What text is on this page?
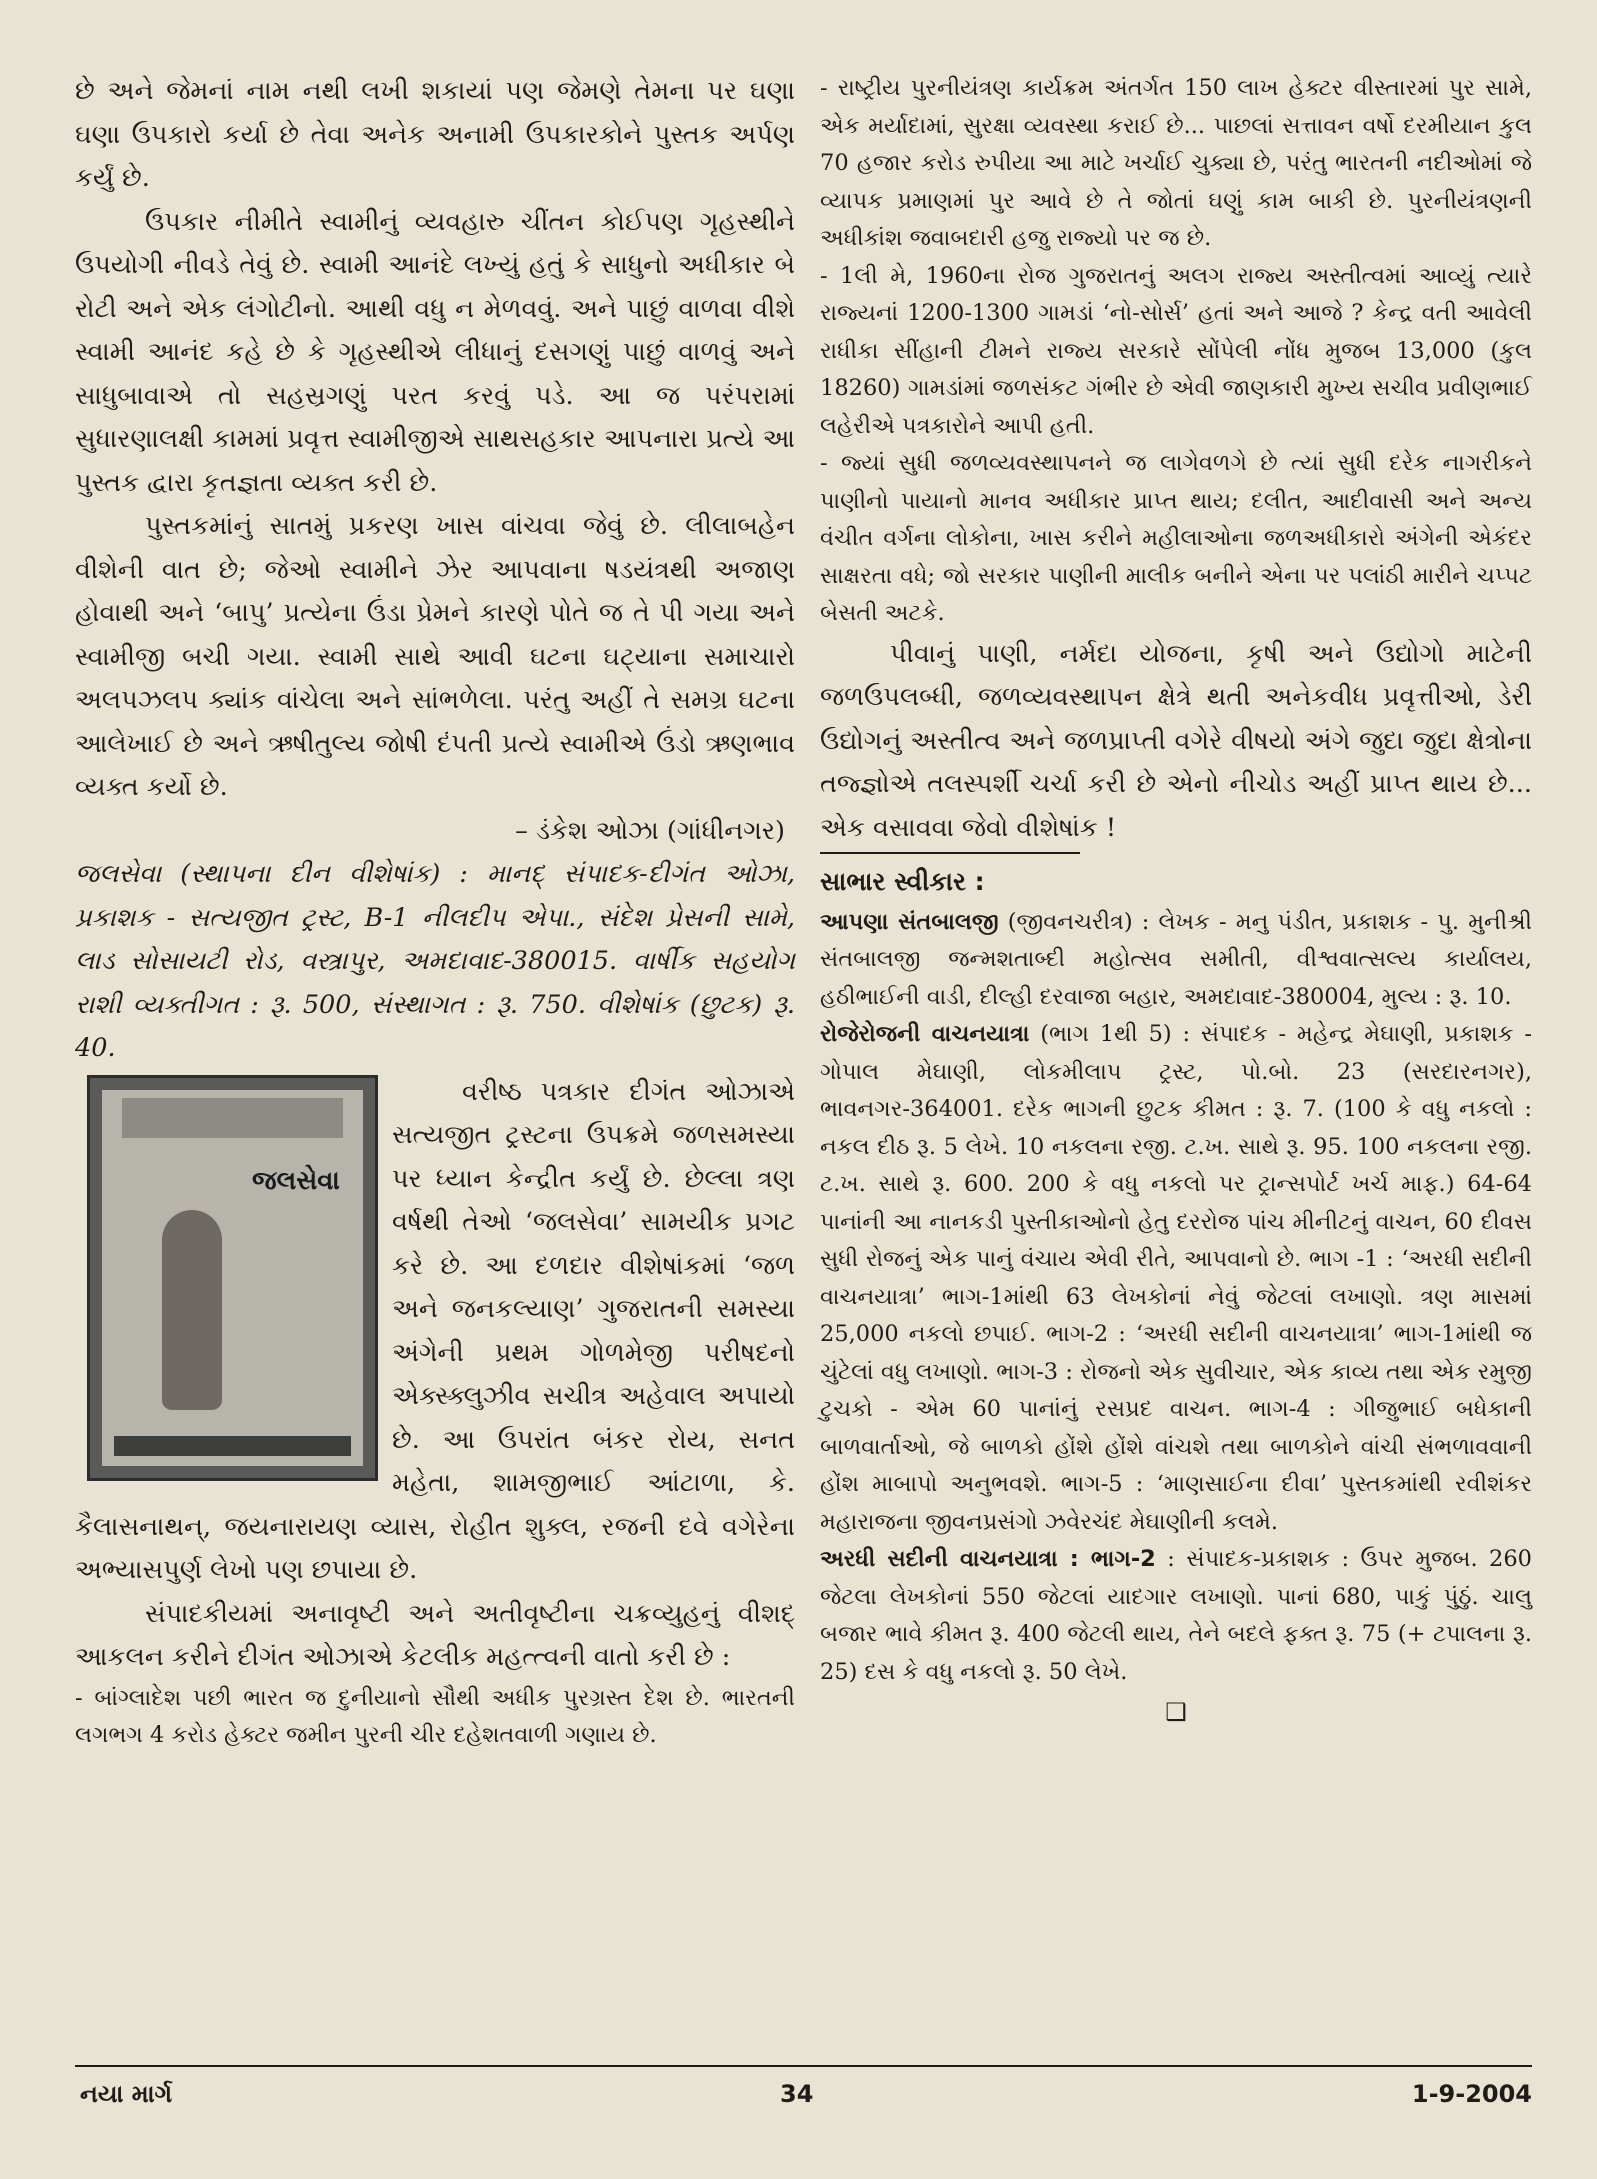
છે અને જેમનાં નામ નથી લખી શકાયાં પણ જેમણે તેમના પર ઘણા ઘણા ઉપકારો કર્યા છે તેવા અનેક અનામી ઉપકારકોને પુસ્તક અર્પણ કર્યું છે.

ઉપકાર નીમીતે સ્વામીનું વ્યવહારુ ચીંતન કોઈપણ ગૃહસ્થીને ઉપયોગી નીવડે તેવું છે. સ્વામી આનંદે લખ્યું હતું કે સાધુનો અધીકાર બે રોટી અને એક લંગોટીનો. આથી વધુ ન મેળવવું. અને પાછું વાળવા વીશે સ્વામી આનંદ કહે છે કે ગૃહસ્થીએ લીધાનું દસગણું પાછું વાળવું અને સાધુબાવાએ તો સહસ્રગણું પરત કરવું પડે. આ જ પરંપરામાં સુધારણાલક્ષી કામમાં પ્રવૃત્ત સ્વામીજીએ સાથસહકાર આપનારા પ્રત્યે આ પુસ્તક દ્વારા કૃતજ્ઞતા વ્યક્ત કરી છે.

પુસ્તકમાંનું સાતમું પ્રકરણ ખાસ વાંચવા જેવું છે. લીલાબહેન વીશેની વાત છે; જેઓ સ્વામીને ઝેર આપવાના ષડયંત્રથી અજાણ હોવાથી અને ‘બાપુ’ પ્રત્યેના ઉંડા પ્રેમને કારણે પોતે જ તે પી ગયા અને સ્વામીજી બચી ગયા. સ્વામી સાથે આવી ઘટના ઘટ્યાના સમાચારો અલપઝલપ ક્યાંક વાંચેલા અને સાંભળેલા. પરંતુ અહીં તે સમગ્ર ઘટના આલેખાઈ છે અને ઋષીતુલ્ય જોષી દંપતી પ્રત્યે સ્વામીએ ઉંડો ઋણભાવ વ્યક્ત કર્યો છે.

– ડંકેશ ઓઝા (ગાંધીનગર)

જલસેવા (સ્થાપના દીન વીશેષાંક) : માનદ્ સંપાદક-દીગંત ઓઝા, પ્રકાશક - સત્યજીત ટ્રસ્ટ, B-1 નીલદીપ એપા., સંદેશ પ્રેસની સામે, લાડ સોસાયટી રોડ, વસ્ત્રાપુર, અમદાવાદ-380015. વાર્ષીક સહયોગ રાશી વ્યક્તીગત : રૂ. 500, સંસ્થાગત : રૂ. 750. વીશેષાંક (છુટક) રૂ. 40.

જલસેવા

વરીષ્ઠ પત્રકાર દીગંત ઓઝાએ સત્યજીત ટ્રસ્ટના ઉપક્રમે જળસમસ્યા પર ધ્યાન કેન્દ્રીત કર્યું છે. છેલ્લા ત્રણ વર્ષથી તેઓ ‘જલસેવા’ સામયીક પ્રગટ કરે છે. આ દળદાર વીશેષાંકમાં ‘જળ અને જનકલ્યાણ’ ગુજરાતની સમસ્યા અંગેની પ્રથમ ગોળમેજી પરીષદનો એક્સ્ક્લુઝીવ સચીત્ર અહેવાલ અપાયો છે. આ ઉપરાંત બંકર રોય, સનત મહેતા, શામજીભાઈ આંટાળા, કે. કૈલાસનાથન્, જયનારાયણ વ્યાસ, રોહીત શુક્લ, રજની દવે વગેરેના અભ્યાસપુર્ણ લેખો પણ છપાયા છે.

સંપાદકીયમાં અનાવૃષ્ટી અને અતીવૃષ્ટીના ચક્રવ્યુહનું વીશદ્ આકલન કરીને દીગંત ઓઝાએ કેટલીક મહત્ત્વની વાતો કરી છે :

- બાંગ્લાદેશ પછી ભારત જ દુનીયાનો સૌથી અધીક પુરગ્રસ્ત દેશ છે. ભારતની લગભગ 4 કરોડ હેક્ટર જમીન પુરની ચીર દહેશતવાળી ગણાય છે.

- રાષ્ટ્રીય પુરનીયંત્રણ કાર્યક્રમ અંતર્ગત 150 લાખ હેક્ટર વીસ્તારમાં પુર સામે, એક મર્યાદામાં, સુરક્ષા વ્યવસ્થા કરાઈ છે... પાછલાં સત્તાવન વર્ષો દરમીયાન કુલ 70 હજાર કરોડ રુપીયા આ માટે ખર્ચાઈ ચુક્યા છે, પરંતુ ભારતની નદીઓમાં જે વ્યાપક પ્રમાણમાં પુર આવે છે તે જોતાં ઘણું કામ બાકી છે. પુરનીયંત્રણની અધીકાંશ જવાબદારી હજુ રાજ્યો પર જ છે.

- 1લી મે, 1960ના રોજ ગુજરાતનું અલગ રાજ્ય અસ્તીત્વમાં આવ્યું ત્યારે રાજ્યનાં 1200-1300 ગામડાં ‘નો-સોર્સ’ હતાં અને આજે ? કેન્દ્ર વતી આવેલી રાધીકા સીંહાની ટીમને રાજ્ય સરકારે સોંપેલી નોંધ મુજબ 13,000 (કુલ 18260) ગામડાંમાં જળસંકટ ગંભીર છે એવી જાણકારી મુખ્ય સચીવ પ્રવીણભાઈ લહેરીએ પત્રકારોને આપી હતી.

- જ્યાં સુધી જળવ્યવસ્થાપનને જ લાગેવળગે છે ત્યાં સુધી દરેક નાગરીકને પાણીનો પાયાનો માનવ અધીકાર પ્રાપ્ત થાય; દલીત, આદીવાસી અને અન્ય વંચીત વર્ગના લોકોના, ખાસ કરીને મહીલાઓના જળઅધીકારો અંગેની એકંદર સાક્ષરતા વધે; જો સરકાર પાણીની માલીક બનીને એના પર પલાંઠી મારીને ચપ્પટ બેસતી અટકે.

પીવાનું પાણી, નર્મદા યોજના, કૃષી અને ઉદ્યોગો માટેની જળઉપલબ્ધી, જળવ્યવસ્થાપન ક્ષેત્રે થતી અનેકવીધ પ્રવૃત્તીઓ, ડેરી ઉદ્યોગનું અસ્તીત્વ અને જળપ્રાપ્તી વગેરે વીષયો અંગે જુદા જુદા ક્ષેત્રોના તજ્જ્ઞોએ તલસ્પર્શી ચર્ચા કરી છે એનો નીચોડ અહીં પ્રાપ્ત થાય છે... એક વસાવવા જેવો વીશેષાંક !

સાભાર સ્વીકાર :

આપણા સંતબાલજી (જીવનચરીત્ર) : લેખક - મનુ પંડીત, પ્રકાશક - પુ. મુનીશ્રી સંતબાલજી જન્મશતાબ્દી મહોત્સવ સમીતી, વીશ્વવાત્સલ્ય કાર્યાલય, હઠીભાઈની વાડી, દીલ્હી દરવાજા બહાર, અમદાવાદ-380004, મુલ્ય : રૂ. 10.

રોજેરોજની વાચનયાત્રા (ભાગ 1થી 5) : સંપાદક - મહેન્દ્ર મેઘાણી, પ્રકાશક - ગોપાલ મેઘાણી, લોકમીલાપ ટ્રસ્ટ, પો.બો. 23 (સરદારનગર), ભાવનગર-364001. દરેક ભાગની છુટક કીમત : રૂ. 7. (100 કે વધુ નકલો : નકલ દીઠ રૂ. 5 લેખે. 10 નકલના રજી. ટ.ખ. સાથે રૂ. 95. 100 નકલના રજી. ટ.ખ. સાથે રૂ. 600. 200 કે વધુ નકલો પર ટ્રાન્સપોર્ટ ખર્ચ માફ.) 64-64 પાનાંની આ નાનકડી પુસ્તીકાઓનો હેતુ દરરોજ પાંચ મીનીટનું વાચન, 60 દીવસ સુધી રોજનું એક પાનું વંચાય એવી રીતે, આપવાનો છે. ભાગ -1 : ‘અરધી સદીની વાચનયાત્રા’ ભાગ-1માંથી 63 લેખકોનાં નેવું જેટલાં લખાણો. ત્રણ માસમાં 25,000 નકલો છપાઈ. ભાગ-2 : ‘અરધી સદીની વાચનયાત્રા’ ભાગ-1માંથી જ ચુંટેલાં વધુ લખાણો. ભાગ-3 : રોજનો એક સુવીચાર, એક કાવ્ય તથા એક રમુજી ટુચકો - એમ 60 પાનાંનું રસપ્રદ વાચન. ભાગ-4 : ગીજુભાઈ બધેકાની બાળવાર્તાઓ, જે બાળકો હોંશે હોંશે વાંચશે તથા બાળકોને વાંચી સંભળાવવાની હોંશ માબાપો અનુભવશે. ભાગ-5 : ‘માણસાઈના દીવા’ પુસ્તકમાંથી રવીશંકર મહારાજના જીવનપ્રસંગો ઝવેરચંદ મેઘાણીની કલમે.

અરધી સદીની વાચનયાત્રા : ભાગ-2 : સંપાદક-પ્રકાશક : ઉપર મુજબ. 260 જેટલા લેખકોનાં 550 જેટલાં યાદગાર લખાણો. પાનાં 680, પાકું પુંઠું. ચાલુ બજાર ભાવે કીમત રૂ. 400 જેટલી થાય, તેને બદલે ફક્ત રૂ. 75 (+ ટપાલના રૂ. 25) દસ કે વધુ નકલો રૂ. 50 લેખે.

❑
નયા માર્ગ	34	1-9-2004
